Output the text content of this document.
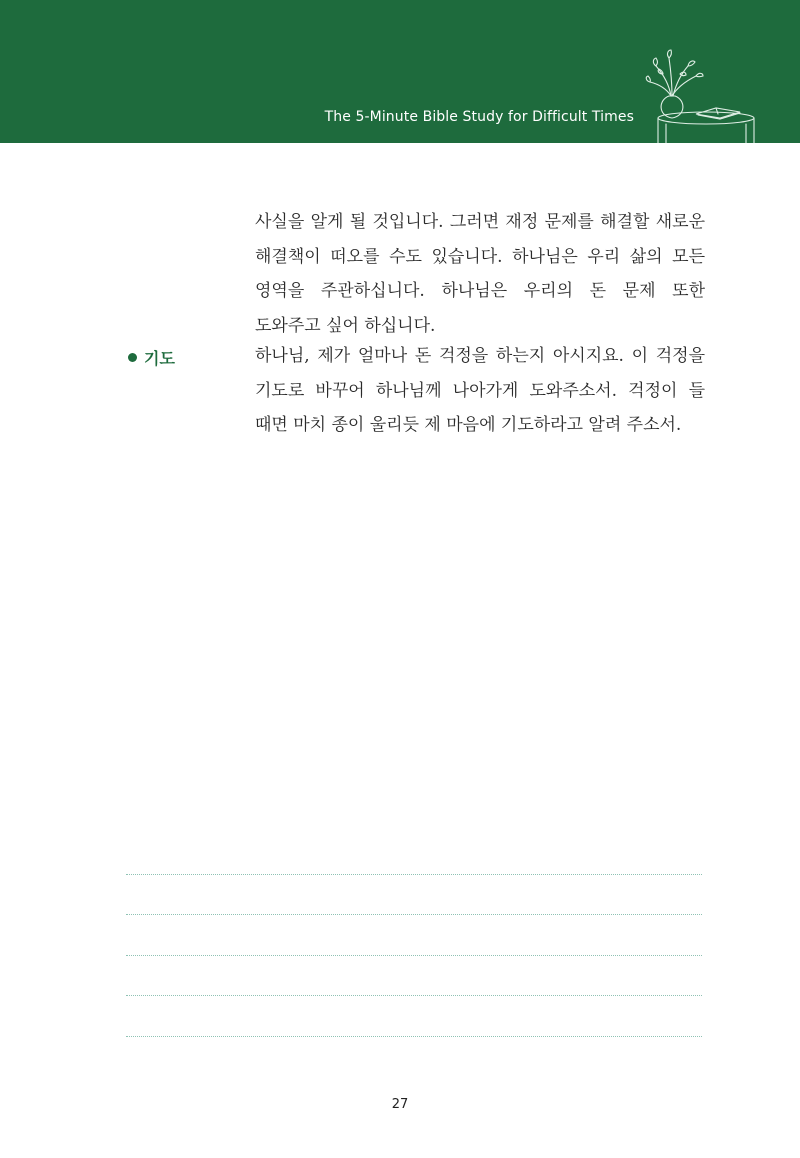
The 5-Minute Bible Study for Difficult Times

사실을 알게 될 것입니다. 그러면 재정 문제를 해결할 새로운 해결책이 떠오를 수도 있습니다. 하나님은 우리 삶의 모든 영역을 주관하십니다. 하나님은 우리의 돈 문제 또한 도와주고 싶어 하십니다.

기도	하나님, 제가 얼마나 돈 걱정을 하는지 아시지요. 이 걱정을 기도로 바꾸어 하나님께 나아가게 도와주소서. 걱정이 들 때면 마치 종이 울리듯 제 마음에 기도하라고 알려 주소서.

27
